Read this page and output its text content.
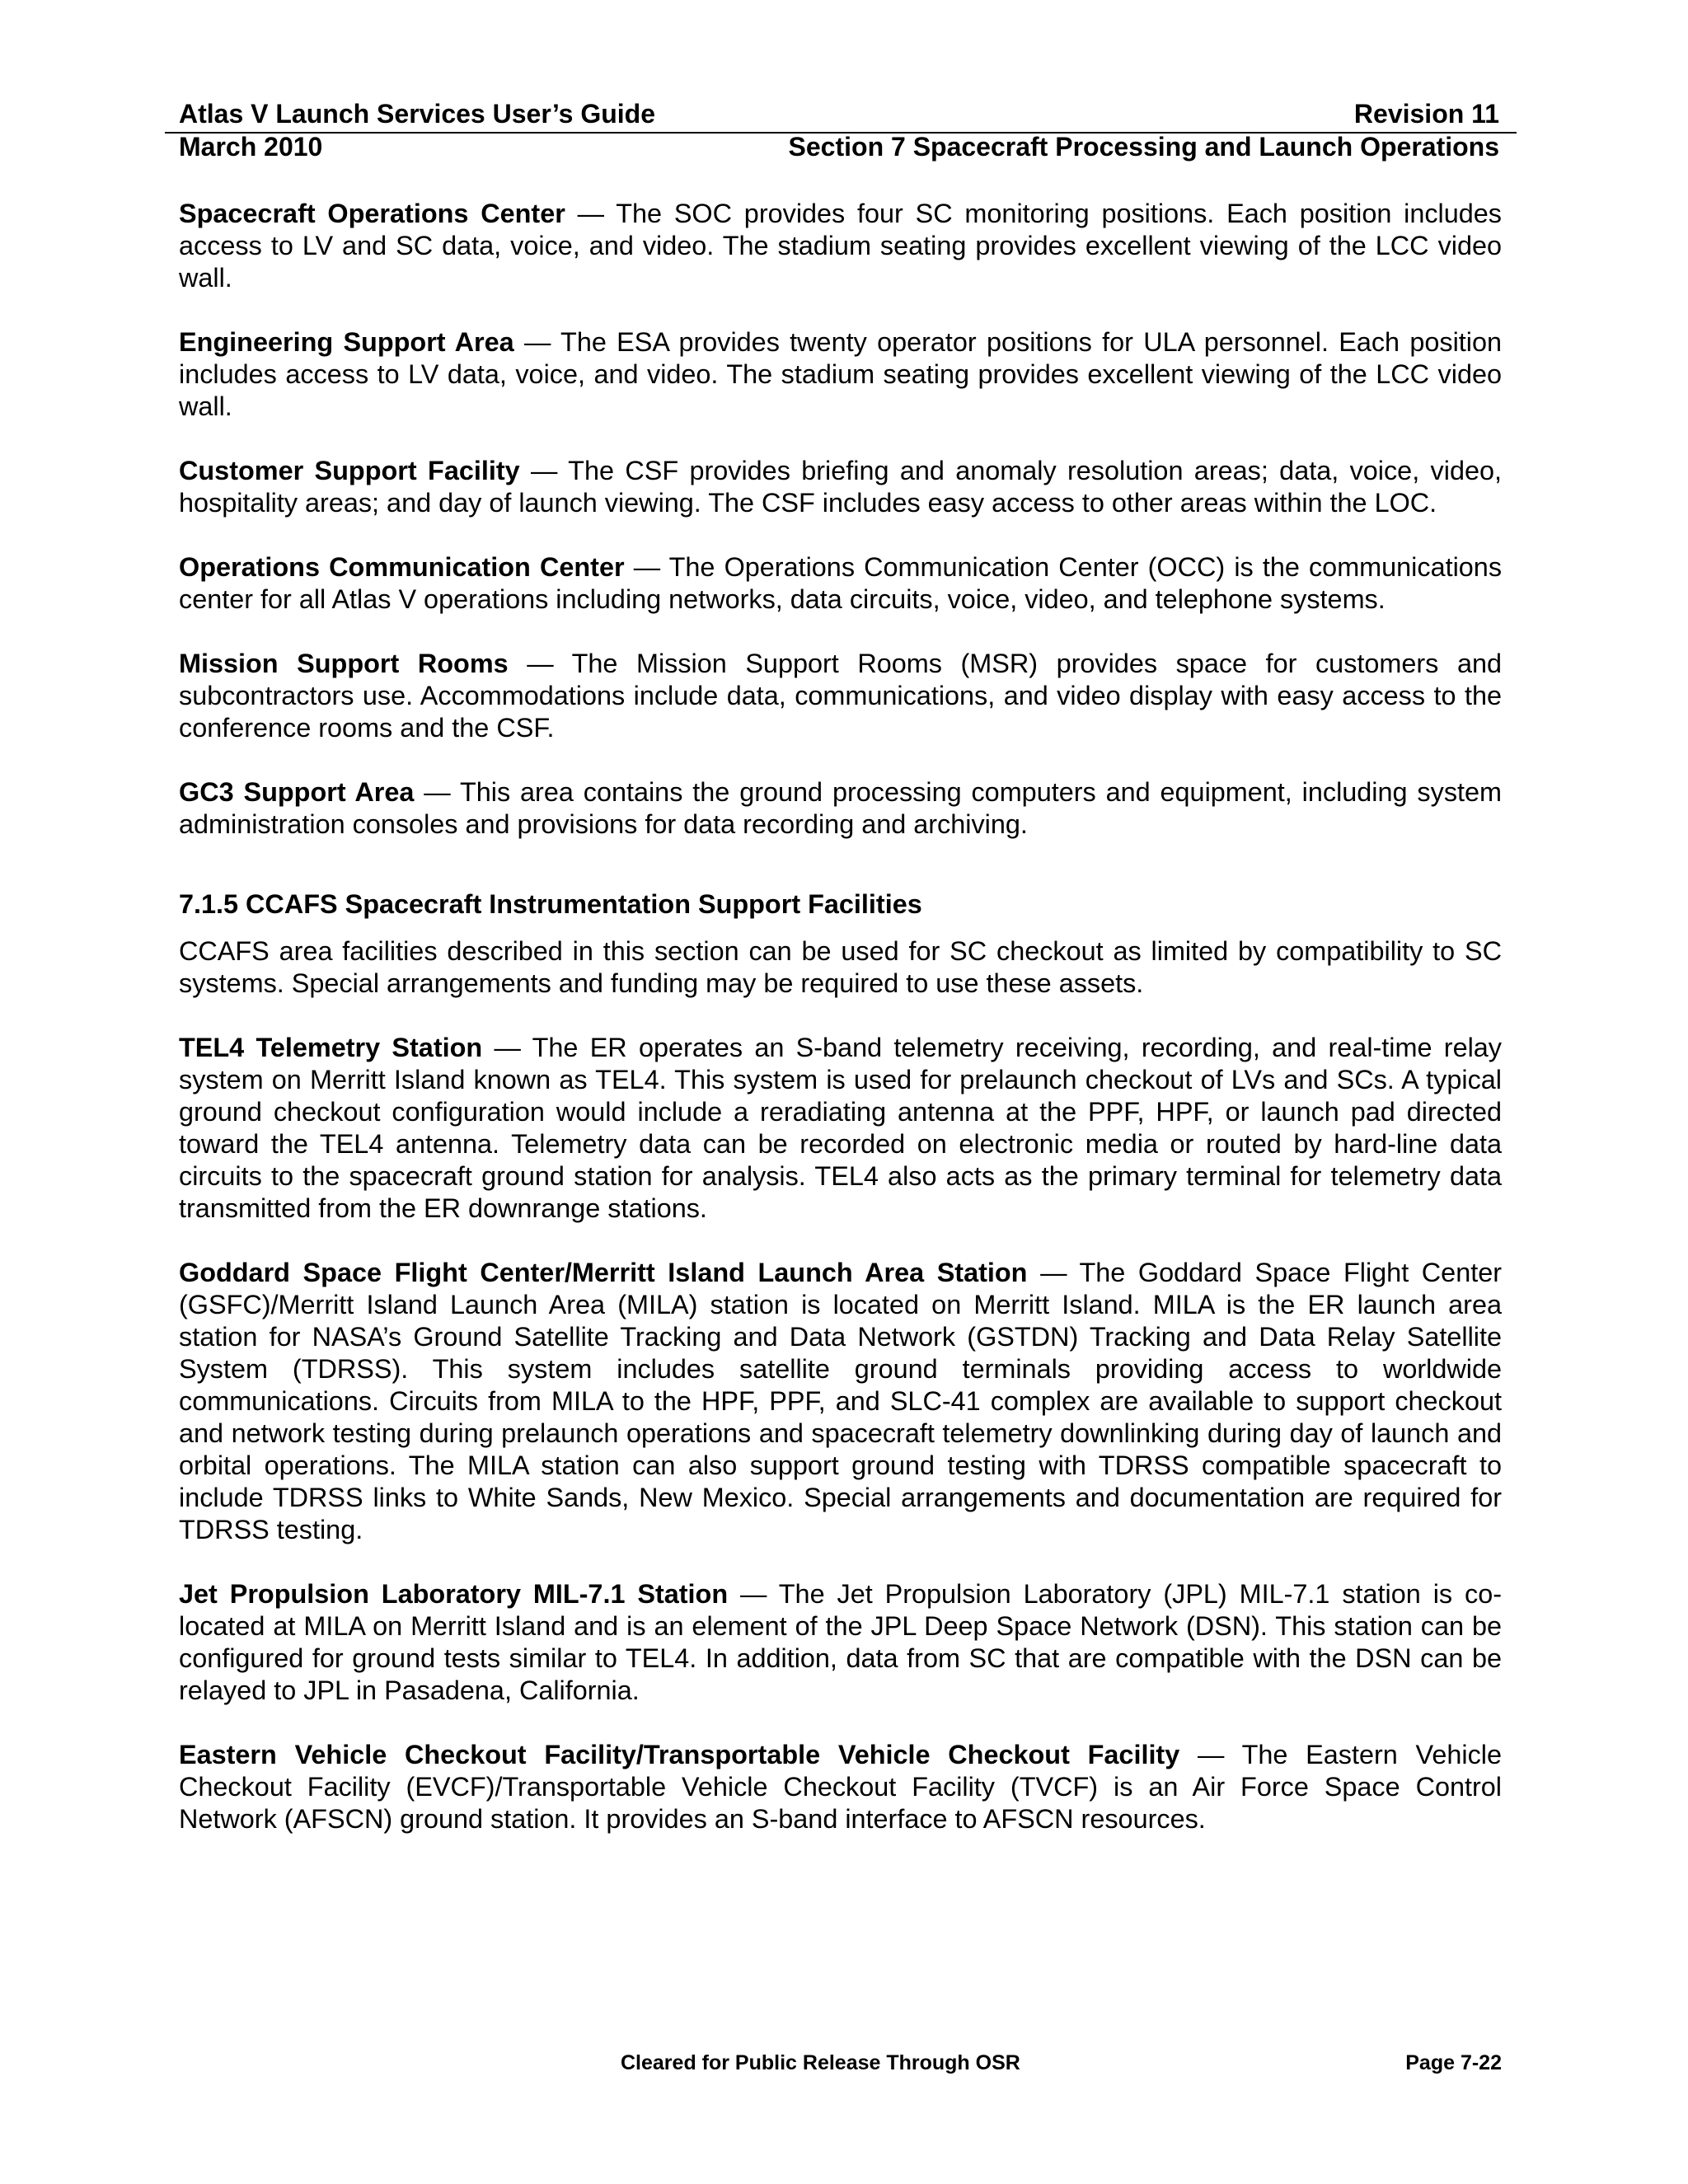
Atlas V Launch Services User’s Guide	Revision 11
March 2010	Section 7 Spacecraft Processing and Launch Operations

Spacecraft Operations Center — The SOC provides four SC monitoring positions. Each position includes access to LV and SC data, voice, and video. The stadium seating provides excellent viewing of the LCC video wall.

Engineering Support Area — The ESA provides twenty operator positions for ULA personnel. Each position includes access to LV data, voice, and video. The stadium seating provides excellent viewing of the LCC video wall.

Customer Support Facility — The CSF provides briefing and anomaly resolution areas; data, voice, video, hospitality areas; and day of launch viewing. The CSF includes easy access to other areas within the LOC.

Operations Communication Center — The Operations Communication Center (OCC) is the communications center for all Atlas V operations including networks, data circuits, voice, video, and telephone systems.

Mission Support Rooms — The Mission Support Rooms (MSR) provides space for customers and subcontractors use. Accommodations include data, communications, and video display with easy access to the conference rooms and the CSF.

GC3 Support Area — This area contains the ground processing computers and equipment, including system administration consoles and provisions for data recording and archiving.

7.1.5 CCAFS Spacecraft Instrumentation Support Facilities

CCAFS area facilities described in this section can be used for SC checkout as limited by compatibility to SC systems. Special arrangements and funding may be required to use these assets.

TEL4 Telemetry Station — The ER operates an S-band telemetry receiving, recording, and real-time relay system on Merritt Island known as TEL4. This system is used for prelaunch checkout of LVs and SCs. A typical ground checkout configuration would include a reradiating antenna at the PPF, HPF, or launch pad directed toward the TEL4 antenna. Telemetry data can be recorded on electronic media or routed by hard-line data circuits to the spacecraft ground station for analysis. TEL4 also acts as the primary terminal for telemetry data transmitted from the ER downrange stations.

Goddard Space Flight Center/Merritt Island Launch Area Station — The Goddard Space Flight Center (GSFC)/Merritt Island Launch Area (MILA) station is located on Merritt Island. MILA is the ER launch area station for NASA’s Ground Satellite Tracking and Data Network (GSTDN) Tracking and Data Relay Satellite System (TDRSS). This system includes satellite ground terminals providing access to worldwide communications. Circuits from MILA to the HPF, PPF, and SLC-41 complex are available to support checkout and network testing during prelaunch operations and spacecraft telemetry downlinking during day of launch and orbital operations. The MILA station can also support ground testing with TDRSS compatible spacecraft to include TDRSS links to White Sands, New Mexico. Special arrangements and documentation are required for TDRSS testing.

Jet Propulsion Laboratory MIL-7.1 Station — The Jet Propulsion Laboratory (JPL) MIL-7.1 station is co-located at MILA on Merritt Island and is an element of the JPL Deep Space Network (DSN). This station can be configured for ground tests similar to TEL4. In addition, data from SC that are compatible with the DSN can be relayed to JPL in Pasadena, California.

Eastern Vehicle Checkout Facility/Transportable Vehicle Checkout Facility — The Eastern Vehicle Checkout Facility (EVCF)/Transportable Vehicle Checkout Facility (TVCF) is an Air Force Space Control Network (AFSCN) ground station. It provides an S-band interface to AFSCN resources.

Cleared for Public Release Through OSR	Page 7-22
